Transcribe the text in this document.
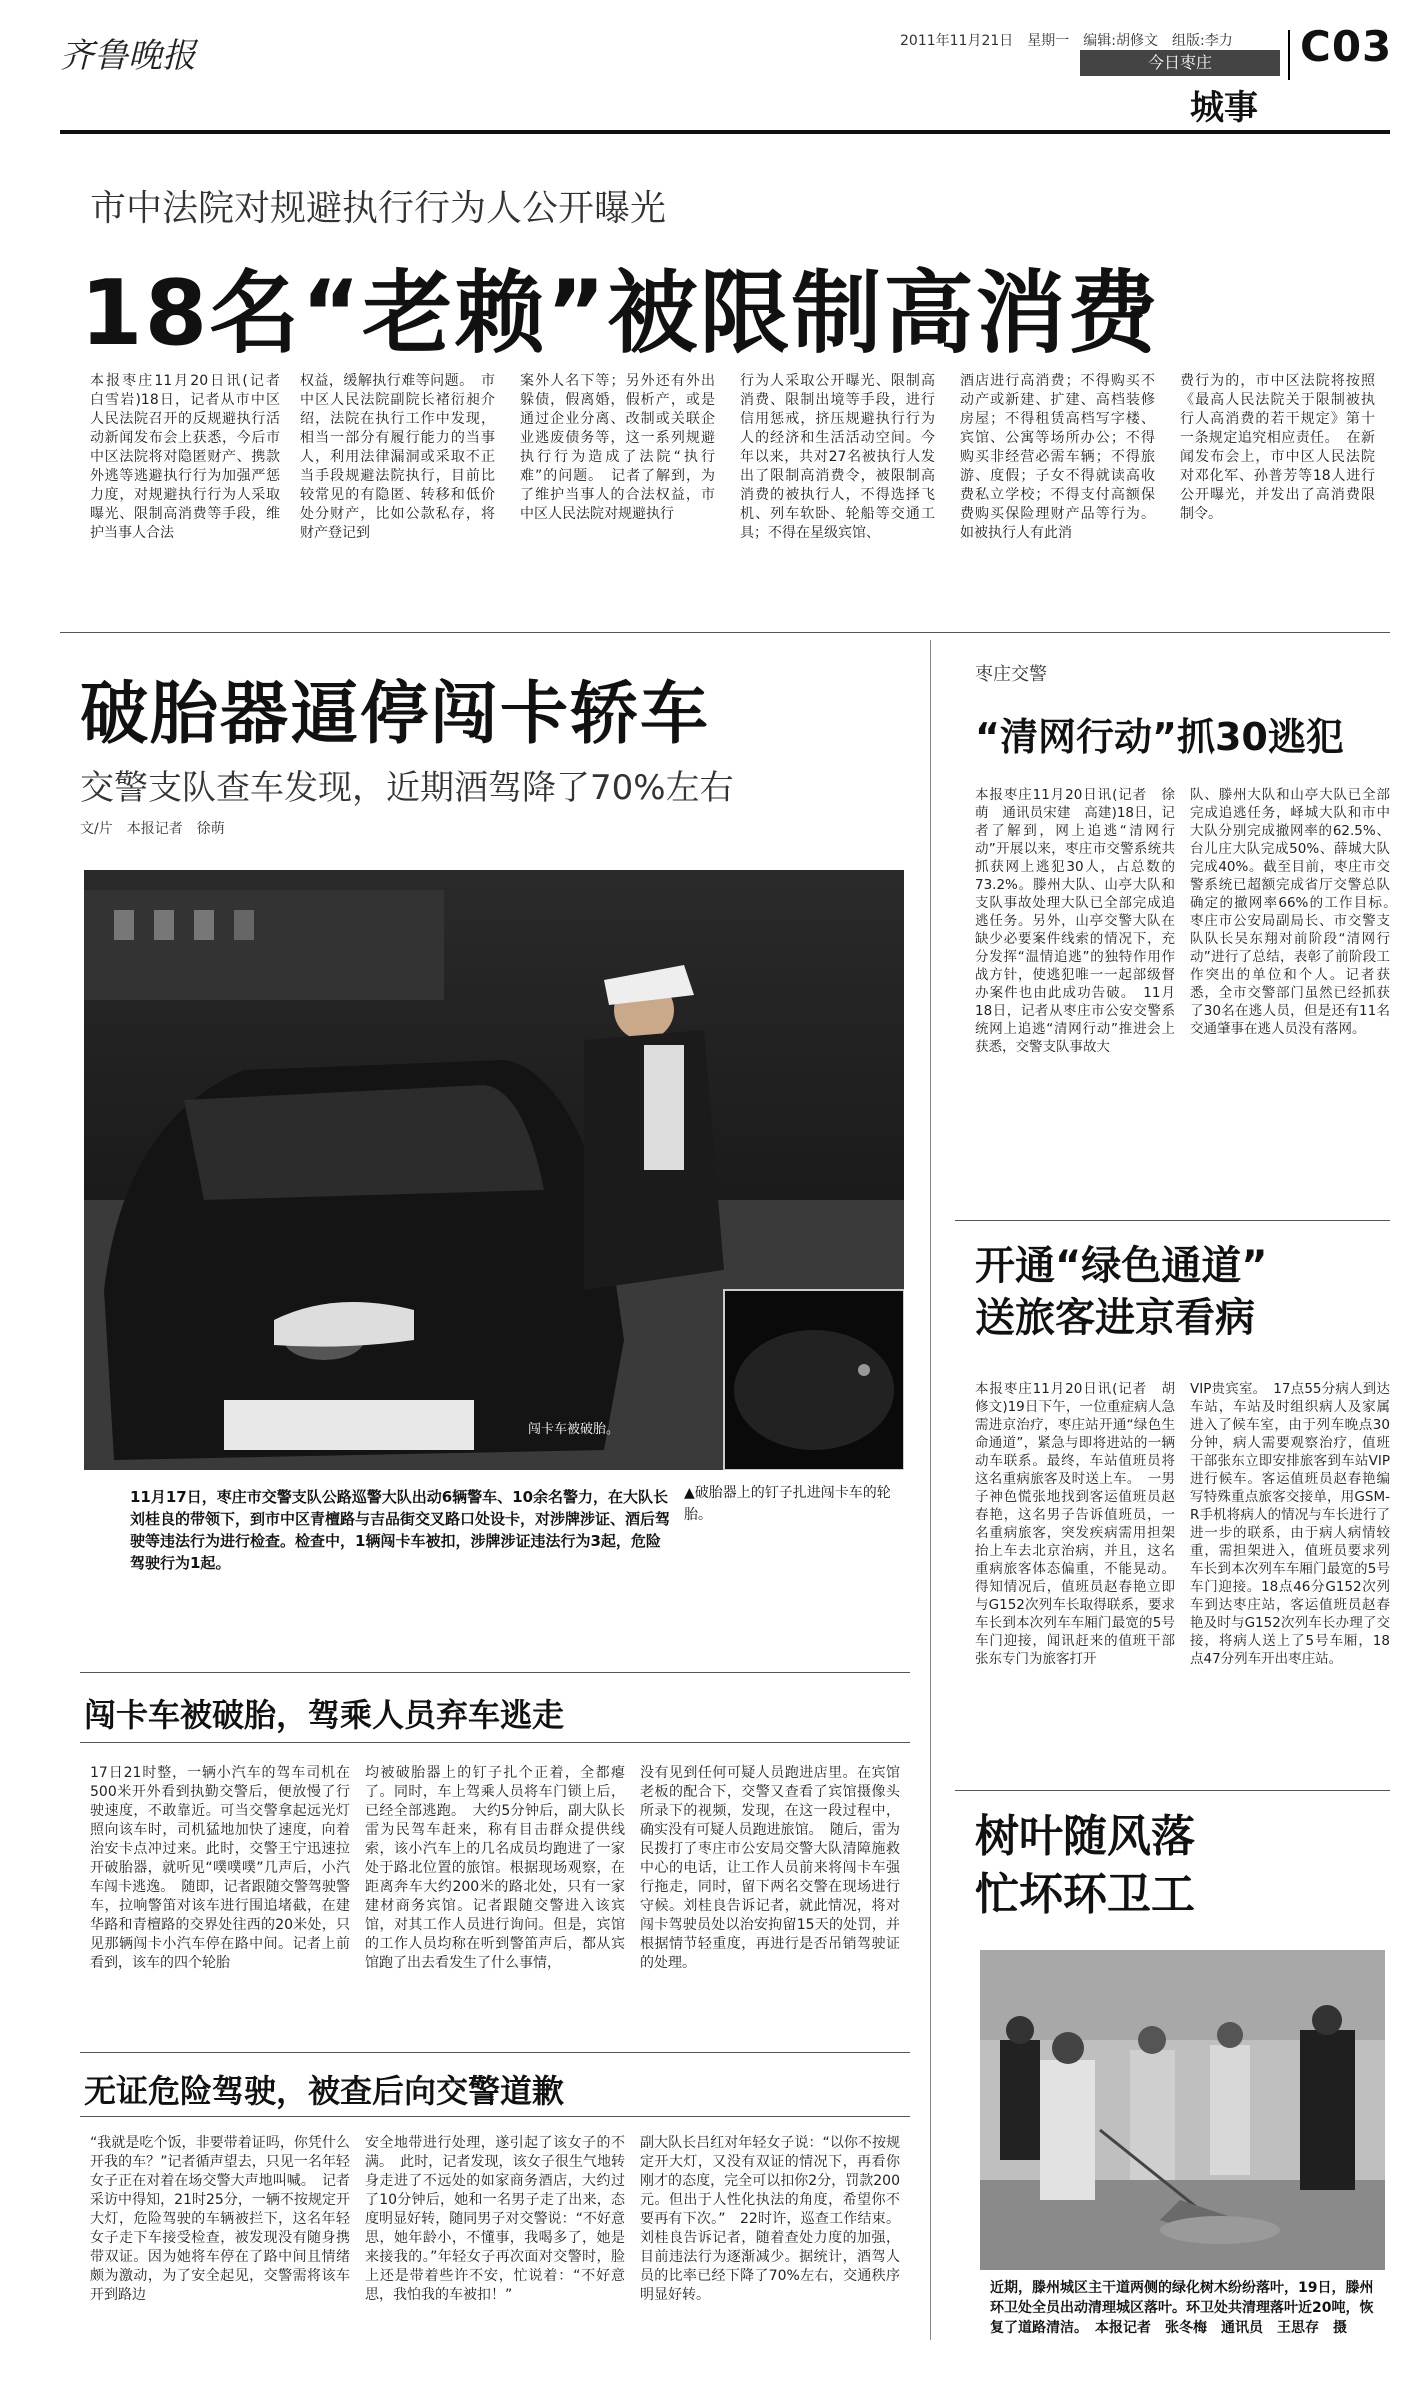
齐鲁晚报	2011年11月21日　星期一　编辑:胡修文　组版:李力 C03
今日枣庄
城事
市中法院对规避执行行为人公开曝光
18名“老赖”被限制高消费
本报枣庄11月20日讯(记者　白雪岩)18日，记者从市中区人民法院召开的反规避执行活动新闻发布会上获悉，今后市中区法院将对隐匿财产、携款外逃等逃避执行行为加强严惩力度，对规避执行行为人采取曝光、限制高消费等手段，维护当事人合法
权益，缓解执行难等问题。　市中区人民法院副院长褚衍昶介绍，法院在执行工作中发现，相当一部分有履行能力的当事人，利用法律漏洞或采取不正当手段规避法院执行，目前比较常见的有隐匿、转移和低价处分财产，比如公款私存，将财产登记到
案外人名下等；另外还有外出躲债，假离婚，假析产，或是通过企业分离、改制或关联企业逃废债务等，这一系列规避执行行为造成了法院“执行难”的问题。　记者了解到，为了维护当事人的合法权益，市中区人民法院对规避执行
行为人采取公开曝光、限制高消费、限制出境等手段，进行信用惩戒，挤压规避执行行为人的经济和生活活动空间。今年以来，共对27名被执行人发出了限制高消费令，被限制高消费的被执行人，不得选择飞机、列车软卧、轮船等交通工具；不得在星级宾馆、
酒店进行高消费；不得购买不动产或新建、扩建、高档装修房屋；不得租赁高档写字楼、宾馆、公寓等场所办公；不得购买非经营必需车辆；不得旅游、度假；子女不得就读高收费私立学校；不得支付高额保费购买保险理财产品等行为。如被执行人有此消
费行为的，市中区法院将按照《最高人民法院关于限制被执行人高消费的若干规定》第十一条规定追究相应责任。　在新闻发布会上，市中区人民法院对邓化军、孙普芳等18人进行公开曝光，并发出了高消费限制令。
破胎器逼停闯卡轿车
交警支队查车发现，近期酒驾降了70%左右
文/片　本报记者　徐萌
闯卡车被破胎。
▲破胎器上的钉子扎进闯卡车的轮胎。
11月17日，枣庄市交警支队公路巡警大队出动6辆警车、10余名警力，在大队长刘桂良的带领下，到市中区青檀路与吉品街交叉路口处设卡，对涉牌涉证、酒后驾驶等违法行为进行检查。检查中，1辆闯卡车被扣，涉牌涉证违法行为3起，危险驾驶行为1起。
闯卡车被破胎，驾乘人员弃车逃走
17日21时整，一辆小汽车的驾车司机在500米开外看到执勤交警后，便放慢了行驶速度，不敢靠近。可当交警拿起远光灯照向该车时，司机猛地加快了速度，向着治安卡点冲过来。此时，交警王宁迅速拉开破胎器，就听见“噗噗噗”几声后，小汽车闯卡逃逸。　随即，记者跟随交警驾驶警车，拉响警笛对该车进行围追堵截，在建华路和青檀路的交界处往西的20米处，只见那辆闯卡小汽车停在路中间。记者上前看到，该车的四个轮胎
均被破胎器上的钉子扎个正着，全都瘪了。同时，车上驾乘人员将车门锁上后，已经全部逃跑。　大约5分钟后，副大队长雷为民驾车赶来，称有目击群众提供线索，该小汽车上的几名成员均跑进了一家处于路北位置的旅馆。根据现场观察，在距离奔车大约200米的路北处，只有一家建材商务宾馆。记者跟随交警进入该宾馆，对其工作人员进行询问。但是，宾馆的工作人员均称在听到警笛声后，都从宾馆跑了出去看发生了什么事情，
没有见到任何可疑人员跑进店里。在宾馆老板的配合下，交警又查看了宾馆摄像头所录下的视频，发现，在这一段过程中，确实没有可疑人员跑进旅馆。　随后，雷为民拨打了枣庄市公安局交警大队清障施救中心的电话，让工作人员前来将闯卡车强行拖走，同时，留下两名交警在现场进行守候。刘桂良告诉记者，就此情况，将对闯卡驾驶员处以治安拘留15天的处罚，并根据情节轻重度，再进行是否吊销驾驶证的处理。
无证危险驾驶，被查后向交警道歉
“我就是吃个饭，非要带着证吗，你凭什么开我的车？”记者循声望去，只见一名年轻女子正在对着在场交警大声地叫喊。　记者采访中得知，21时25分，一辆不按规定开大灯，危险驾驶的车辆被拦下，这名年轻女子走下车接受检查，被发现没有随身携带双证。因为她将车停在了路中间且情绪颇为激动，为了安全起见，交警需将该车开到路边
安全地带进行处理，遂引起了该女子的不满。　此时，记者发现，该女子很生气地转身走进了不远处的如家商务酒店，大约过了10分钟后，她和一名男子走了出来，态度明显好转，随同男子对交警说：“不好意思，她年龄小，不懂事，我喝多了，她是来接我的。”年轻女子再次面对交警时，脸上还是带着些许不安，忙说着：“不好意思，我怕我的车被扣！”
副大队长吕红对年轻女子说：“以你不按规定开大灯，又没有双证的情况下，再看你刚才的态度，完全可以扣你2分，罚款200元。但出于人性化执法的角度，希望你不要再有下次。”　22时许，巡查工作结束。刘桂良告诉记者，随着查处力度的加强，目前违法行为逐渐减少。据统计，酒驾人员的比率已经下降了70%左右，交通秩序明显好转。
枣庄交警
“清网行动”抓30逃犯
本报枣庄11月20日讯(记者　徐萌　通讯员宋建　高建)18日，记者了解到，网上追逃“清网行动”开展以来，枣庄市交警系统共抓获网上逃犯30人，占总数的73.2%。滕州大队、山亭大队和支队事故处理大队已全部完成追逃任务。另外，山亭交警大队在缺少必要案件线索的情况下，充分发挥“温情追逃”的独特作用作战方针，使逃犯唯一一起部级督办案件也由此成功告破。　11月18日，记者从枣庄市公安交警系统网上追逃“清网行动”推进会上获悉，交警支队事故大
队、滕州大队和山亭大队已全部完成追逃任务，峄城大队和市中大队分别完成撤网率的62.5%、台儿庄大队完成50%、薛城大队完成40%。截至目前，枣庄市交警系统已超额完成省厅交警总队确定的撤网率66%的工作目标。　枣庄市公安局副局长、市交警支队队长吴东翔对前阶段“清网行动”进行了总结，表彰了前阶段工作突出的单位和个人。记者获悉，全市交警部门虽然已经抓获了30名在逃人员，但是还有11名交通肇事在逃人员没有落网。
开通“绿色通道”
送旅客进京看病
本报枣庄11月20日讯(记者　胡修文)19日下午，一位重症病人急需进京治疗，枣庄站开通“绿色生命通道”，紧急与即将进站的一辆动车联系。最终，车站值班员将这名重病旅客及时送上车。　一男子神色慌张地找到客运值班员赵春艳，这名男子告诉值班员，一名重病旅客，突发疾病需用担架抬上车去北京治病，并且，这名重病旅客体态偏重，不能晃动。得知情况后，值班员赵春艳立即与G152次列车长取得联系，要求车长到本次列车车厢门最宽的5号车门迎接，闻讯赶来的值班干部张东专门为旅客打开
VIP贵宾室。　17点55分病人到达车站，车站及时组织病人及家属进入了候车室，由于列车晚点30分钟，病人需要观察治疗，值班干部张东立即安排旅客到车站VIP进行候车。客运值班员赵春艳编写特殊重点旅客交接单，用GSM-R手机将病人的情况与车长进行了进一步的联系，由于病人病情较重，需担架进入，值班员要求列车长到本次列车车厢门最宽的5号车门迎接。18点46分G152次列车到达枣庄站，客运值班员赵春艳及时与G152次列车长办理了交接，将病人送上了5号车厢，18点47分列车开出枣庄站。
树叶随风落
忙坏环卫工
近期，滕州城区主干道两侧的绿化树木纷纷落叶，19日，滕州环卫处全员出动清理城区落叶。环卫处共清理落叶近20吨，恢复了道路清洁。　本报记者　张冬梅　通讯员　王思存　摄
